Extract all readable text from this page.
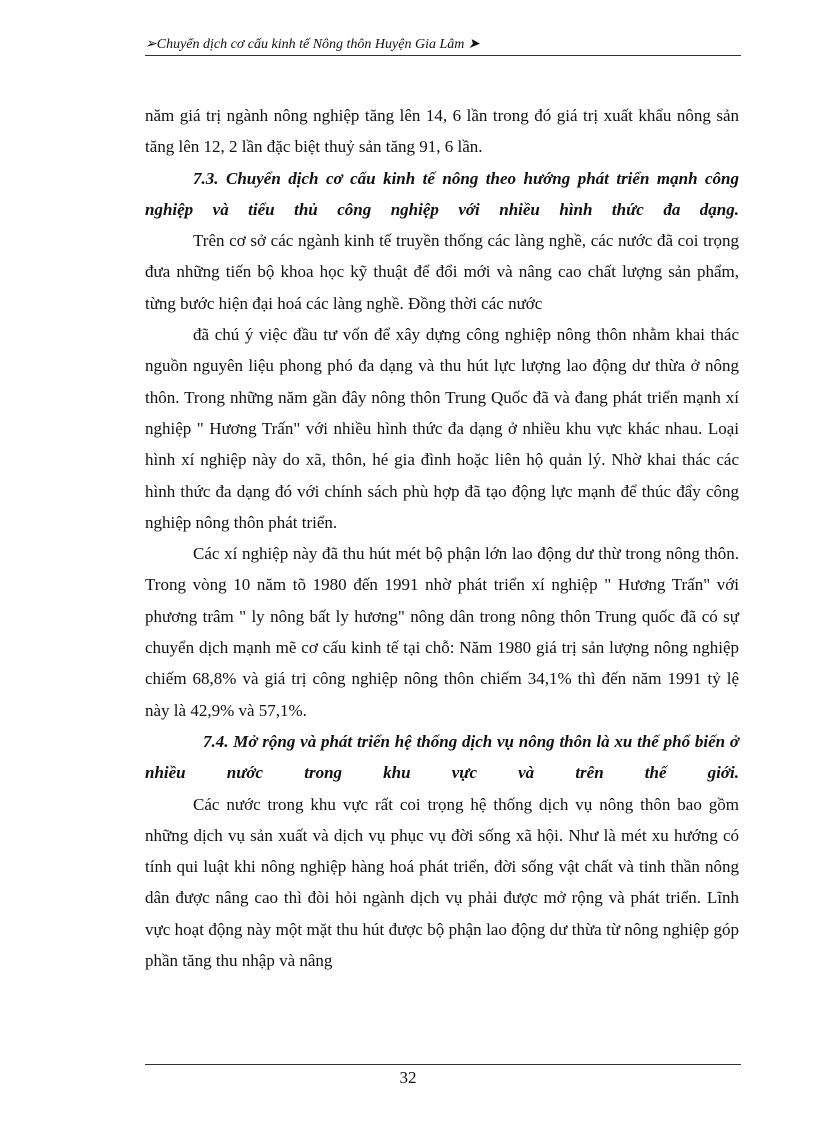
➢Chuyển dịch cơ cấu kinh tế Nông thôn Huyện Gia Lâm ➤

năm giá trị ngành nông nghiệp tăng lên 14, 6 lần trong đó giá trị xuất khẩu nông sản tăng lên 12, 2 lần đặc biệt thuỷ sản tăng 91, 6 lần.

7.3. Chuyển dịch cơ cấu kinh tế nông theo hướng phát triển mạnh công nghiệp và tiểu thủ công nghiệp với nhiều hình thức đa dạng.

Trên cơ sở các ngành kinh tế truyền thống các làng nghề, các nước đã coi trọng đưa những tiến bộ khoa học kỹ thuật để đổi mới và nâng cao chất lượng sản phẩm, từng bước hiện đại hoá các làng nghề. Đồng thời các nước

đã chú ý việc đầu tư vốn để xây dựng công nghiệp nông thôn nhằm khai thác nguồn nguyên liệu phong phó đa dạng và thu hút lực lượng lao động dư thừa ở nông thôn. Trong những năm gần đây nông thôn Trung Quốc đã và đang phát triển mạnh xí nghiệp " Hương Trấn" với nhiều hình thức đa dạng ở nhiều khu vực khác nhau. Loại hình xí nghiệp này do xã, thôn, hé gia đình hoặc liên hộ quản lý. Nhờ khai thác các hình thức đa dạng đó với chính sách phù hợp đã tạo động lực mạnh để thúc đẩy công nghiệp nông thôn phát triển.

Các xí nghiệp này đã thu hút mét bộ phận lớn lao động dư thừ trong nông thôn. Trong vòng 10 năm tõ 1980 đến 1991 nhờ phát triển xí nghiệp " Hương Trấn" với phương trâm " ly nông bất ly hương" nông dân trong nông thôn Trung quốc đã có sự chuyển dịch mạnh mẽ cơ cấu kinh tế tại chỗ: Năm 1980 giá trị sản lượng nông nghiệp chiếm 68,8% và giá trị công nghiệp nông thôn chiếm 34,1% thì đến năm 1991 tỷ lệ này là 42,9% và 57,1%.

7.4. Mở rộng và phát triển hệ thống dịch vụ nông thôn là xu thế phổ biến ở nhiều nước trong khu vực và trên thế giới.

Các nước trong khu vực rất coi trọng hệ thống dịch vụ nông thôn bao gồm những dịch vụ sản xuất và dịch vụ phục vụ đời sống xã hội. Như là mét xu hướng có tính qui luật khi nông nghiệp hàng hoá phát triển, đời sống vật chất và tinh thần nông dân được nâng cao thì đòi hỏi ngành dịch vụ phải được mở rộng và phát triển. Lĩnh vực hoạt động này một mặt thu hút được bộ phận lao động dư thừa từ nông nghiệp góp phần tăng thu nhập và nâng

32
